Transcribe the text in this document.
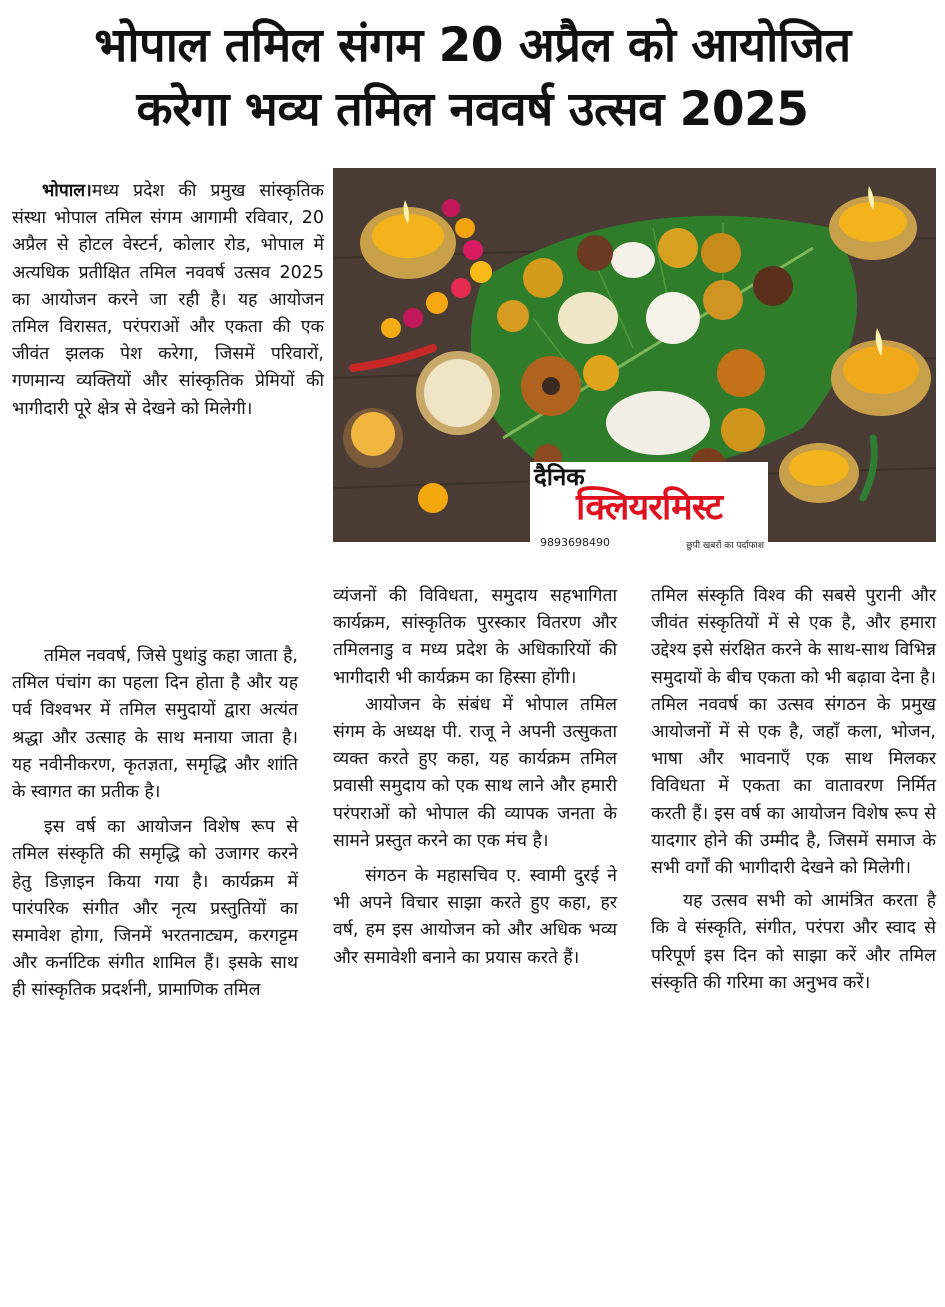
भोपाल तमिल संगम 20 अप्रैल को आयोजित
करेगा भव्य तमिल नववर्ष उत्सव 2025
दैनिक
क्लियरमिस्ट
9893698490	छुपी खबरों का पर्दाफाश

भोपाल।मध्य प्रदेश की प्रमुख सांस्कृतिक संस्था भोपाल तमिल संगम आगामी रविवार, 20 अप्रैल से होटल वेस्टर्न, कोलार रोड, भोपाल में अत्यधिक प्रतीक्षित तमिल नववर्ष उत्सव 2025 का आयोजन करने जा रही है। यह आयोजन तमिल विरासत, परंपराओं और एकता की एक जीवंत झलक पेश करेगा, जिसमें परिवारों, गणमान्य व्यक्तियों और सांस्कृतिक प्रेमियों की भागीदारी पूरे क्षेत्र से देखने को मिलेगी।

तमिल नववर्ष, जिसे पुथांडु कहा जाता है, तमिल पंचांग का पहला दिन होता है और यह पर्व विश्वभर में तमिल समुदायों द्वारा अत्यंत श्रद्धा और उत्साह के साथ मनाया जाता है। यह नवीनीकरण, कृतज्ञता, समृद्धि और शांति के स्वागत का प्रतीक है।

इस वर्ष का आयोजन विशेष रूप से तमिल संस्कृति की समृद्धि को उजागर करने हेतु डिज़ाइन किया गया है। कार्यक्रम में पारंपरिक संगीत और नृत्य प्रस्तुतियों का समावेश होगा, जिनमें भरतनाट्यम, करगट्टम और कर्नाटिक संगीत शामिल हैं। इसके साथ ही सांस्कृतिक प्रदर्शनी, प्रामाणिक तमिल

व्यंजनों की विविधता, समुदाय सहभागिता कार्यक्रम, सांस्कृतिक पुरस्कार वितरण और तमिलनाडु व मध्य प्रदेश के अधिकारियों की भागीदारी भी कार्यक्रम का हिस्सा होंगी।

आयोजन के संबंध में भोपाल तमिल संगम के अध्यक्ष पी. राजू ने अपनी उत्सुकता व्यक्त करते हुए कहा, यह कार्यक्रम तमिल प्रवासी समुदाय को एक साथ लाने और हमारी परंपराओं को भोपाल की व्यापक जनता के सामने प्रस्तुत करने का एक मंच है।

संगठन के महासचिव ए. स्वामी दुरई ने भी अपने विचार साझा करते हुए कहा, हर वर्ष, हम इस आयोजन को और अधिक भव्य और समावेशी बनाने का प्रयास करते हैं।

तमिल संस्कृति विश्व की सबसे पुरानी और जीवंत संस्कृतियों में से एक है, और हमारा उद्देश्य इसे संरक्षित करने के साथ-साथ विभिन्न समुदायों के बीच एकता को भी बढ़ावा देना है। तमिल नववर्ष का उत्सव संगठन के प्रमुख आयोजनों में से एक है, जहाँ कला, भोजन, भाषा और भावनाएँ एक साथ मिलकर विविधता में एकता का वातावरण निर्मित करती हैं। इस वर्ष का आयोजन विशेष रूप से यादगार होने की उम्मीद है, जिसमें समाज के सभी वर्गों की भागीदारी देखने को मिलेगी।

यह उत्सव सभी को आमंत्रित करता है कि वे संस्कृति, संगीत, परंपरा और स्वाद से परिपूर्ण इस दिन को साझा करें और तमिल संस्कृति की गरिमा का अनुभव करें।
